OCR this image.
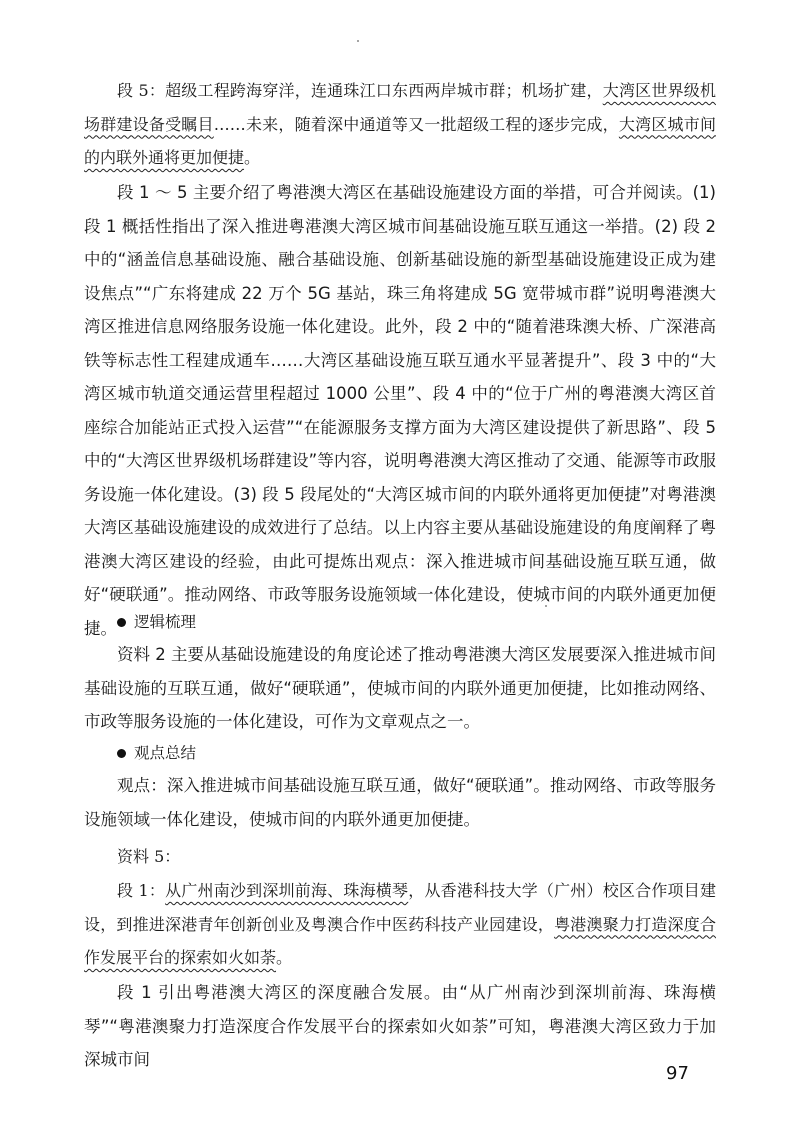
段 5：超级工程跨海穿洋，连通珠江口东西两岸城市群；机场扩建，大湾区世界级机场群建设备受瞩目……未来，随着深中通道等又一批超级工程的逐步完成，大湾区城市间的内联外通将更加便捷。

段 1 ～ 5 主要介绍了粤港澳大湾区在基础设施建设方面的举措，可合并阅读。(1) 段 1 概括性指出了深入推进粤港澳大湾区城市间基础设施互联互通这一举措。(2) 段 2 中的“涵盖信息基础设施、融合基础设施、创新基础设施的新型基础设施建设正成为建设焦点”“广东将建成 22 万个 5G 基站，珠三角将建成 5G 宽带城市群”说明粤港澳大湾区推进信息网络服务设施一体化建设。此外，段 2 中的“随着港珠澳大桥、广深港高铁等标志性工程建成通车……大湾区基础设施互联互通水平显著提升”、段 3 中的“大湾区城市轨道交通运营里程超过 1000 公里”、段 4 中的“位于广州的粤港澳大湾区首座综合加能站正式投入运营”“在能源服务支撑方面为大湾区建设提供了新思路”、段 5 中的“大湾区世界级机场群建设”等内容，说明粤港澳大湾区推动了交通、能源等市政服务设施一体化建设。(3) 段 5 段尾处的“大湾区城市间的内联外通将更加便捷”对粤港澳大湾区基础设施建设的成效进行了总结。以上内容主要从基础设施建设的角度阐释了粤港澳大湾区建设的经验，由此可提炼出观点：深入推进城市间基础设施互联互通，做好“硬联通”。推动网络、市政等服务设施领域一体化建设，使城市间的内联外通更加便捷。	逻辑梳理

资料 2 主要从基础设施建设的角度论述了推动粤港澳大湾区发展要深入推进城市间基础设施的互联互通，做好“硬联通”，使城市间的内联外通更加便捷，比如推动网络、市政等服务设施的一体化建设，可作为文章观点之一。

观点总结

观点：深入推进城市间基础设施互联互通，做好“硬联通”。推动网络、市政等服务设施领域一体化建设，使城市间的内联外通更加便捷。

资料 5：

段 1：从广州南沙到深圳前海、珠海横琴，从香港科技大学（广州）校区合作项目建设，到推进深港青年创新创业及粤澳合作中医药科技产业园建设，粤港澳聚力打造深度合作发展平台的探索如火如荼。

段 1 引出粤港澳大湾区的深度融合发展。由“从广州南沙到深圳前海、珠海横琴”“粤港澳聚力打造深度合作发展平台的探索如火如荼”可知，粤港澳大湾区致力于加深城市间

97
